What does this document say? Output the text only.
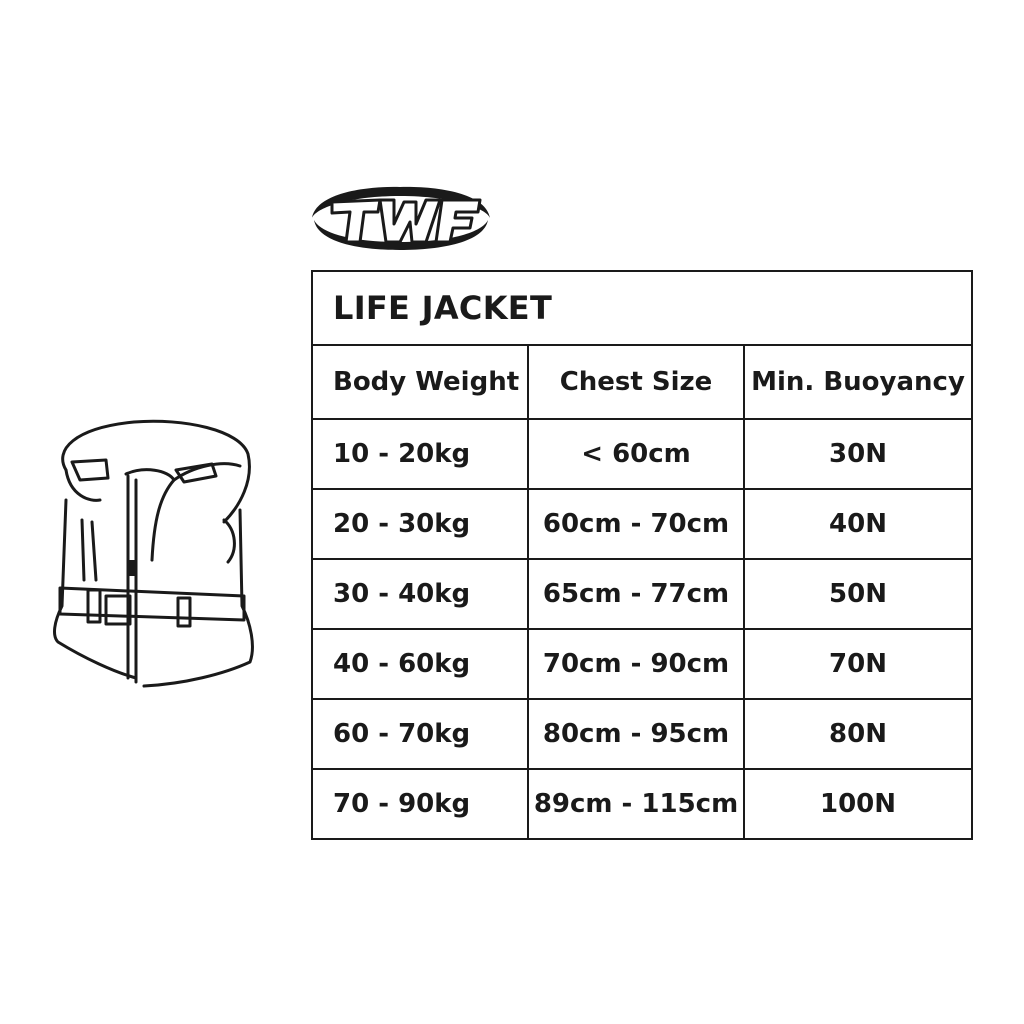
LIFE JACKET		
Body Weight	Chest Size	Min. Buoyancy
10 - 20kg	< 60cm	30N
20 - 30kg	60cm - 70cm	40N
30 - 40kg	65cm - 77cm	50N
40 - 60kg	70cm - 90cm	70N
60 - 70kg	80cm - 95cm	80N
70 - 90kg	89cm - 115cm	100N
